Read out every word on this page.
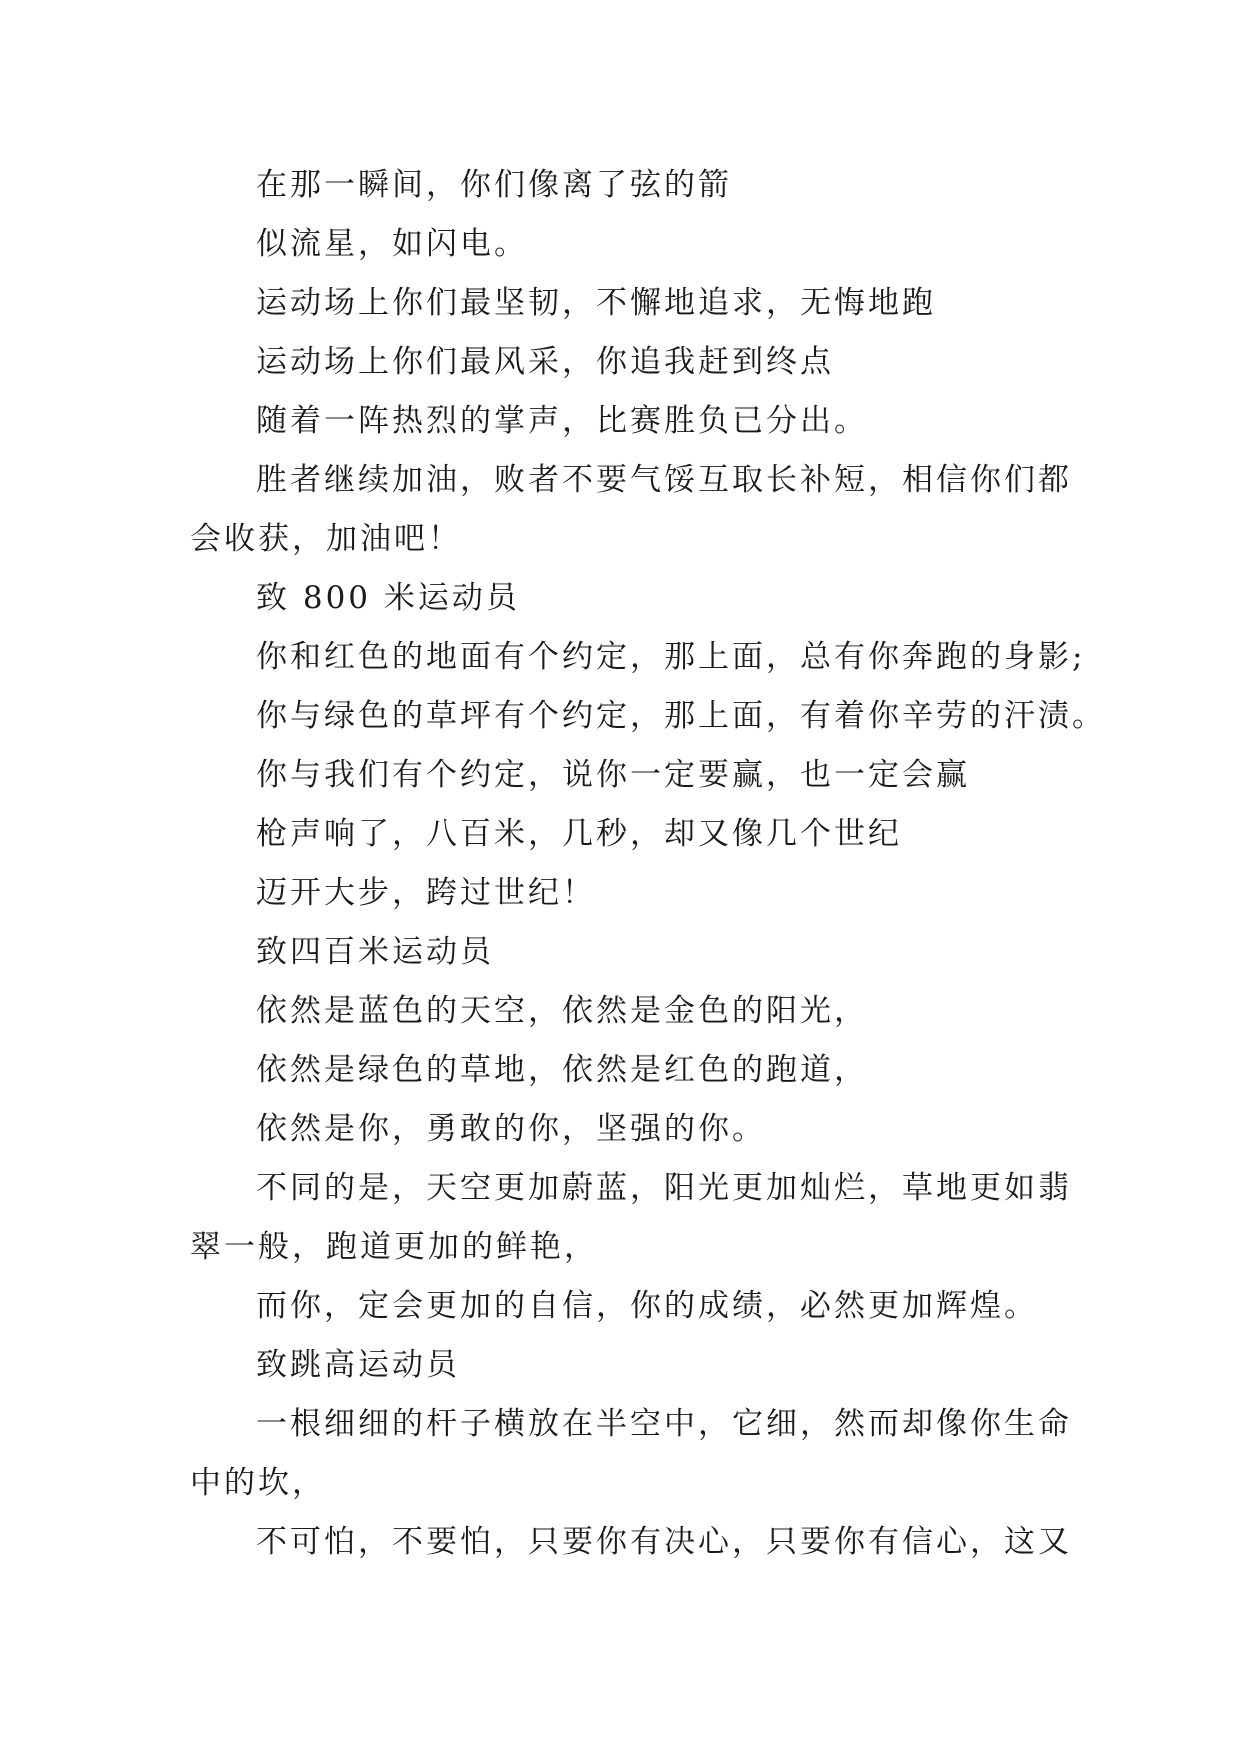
在那一瞬间，你们像离了弦的箭
似流星，如闪电。
运动场上你们最坚韧，不懈地追求，无悔地跑
运动场上你们最风采，你追我赶到终点
随着一阵热烈的掌声，比赛胜负已分出。
胜者继续加油，败者不要气馁互取长补短，相信你们都
会收获，加油吧！
致 800 米运动员
你和红色的地面有个约定，那上面，总有你奔跑的身影;
你与绿色的草坪有个约定，那上面，有着你辛劳的汗渍。
你与我们有个约定，说你一定要赢，也一定会赢
枪声响了，八百米，几秒，却又像几个世纪
迈开大步，跨过世纪！
致四百米运动员
依然是蓝色的天空，依然是金色的阳光，
依然是绿色的草地，依然是红色的跑道，
依然是你，勇敢的你，坚强的你。
不同的是，天空更加蔚蓝，阳光更加灿烂，草地更如翡
翠一般，跑道更加的鲜艳，
而你，定会更加的自信，你的成绩，必然更加辉煌。
致跳高运动员
一根细细的杆子横放在半空中，它细，然而却像你生命
中的坎，
不可怕，不要怕，只要你有决心，只要你有信心，这又
